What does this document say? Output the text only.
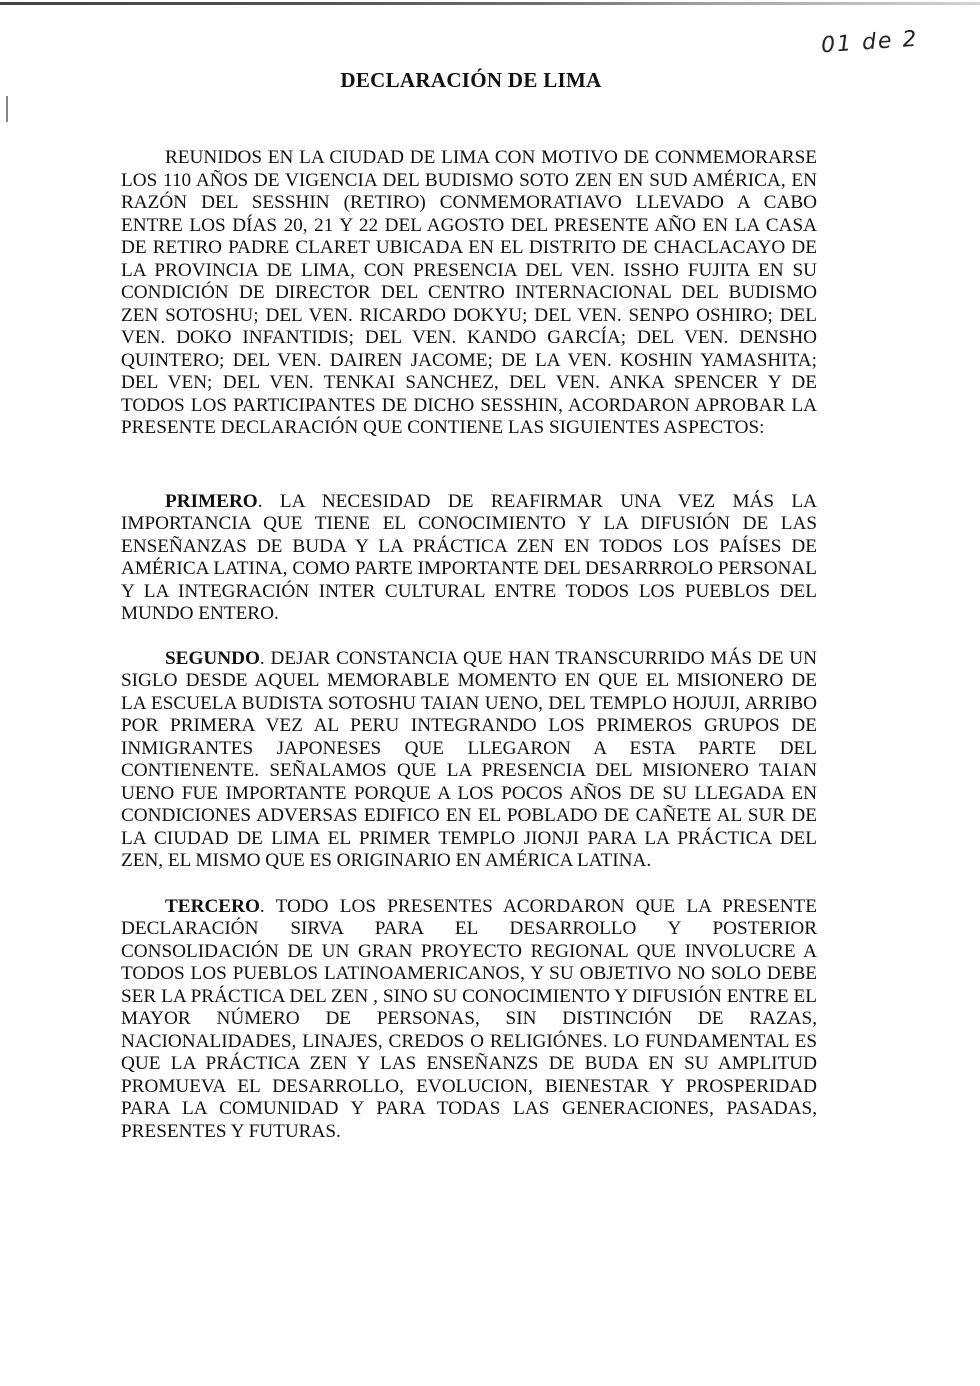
01 de 2
DECLARACIÓN DE LIMA

REUNIDOS EN LA CIUDAD DE LIMA CON MOTIVO DE CONMEMORARSE LOS 110 AÑOS DE VIGENCIA DEL BUDISMO SOTO ZEN EN SUD AMÉRICA, EN RAZÓN DEL SESSHIN (RETIRO) CONMEMORATIAVO LLEVADO A CABO ENTRE LOS DÍAS 20, 21 Y 22 DEL AGOSTO DEL PRESENTE AÑO EN LA CASA DE RETIRO PADRE CLARET UBICADA EN EL DISTRITO DE CHACLACAYO DE LA PROVINCIA DE LIMA, CON PRESENCIA DEL VEN. ISSHO FUJITA EN SU CONDICIÓN DE DIRECTOR DEL CENTRO INTERNACIONAL DEL BUDISMO ZEN SOTOSHU; DEL VEN. RICARDO DOKYU; DEL VEN. SENPO OSHIRO; DEL VEN. DOKO INFANTIDIS; DEL VEN. KANDO GARCÍA; DEL VEN. DENSHO QUINTERO; DEL VEN. DAIREN JACOME; DE LA VEN. KOSHIN YAMASHITA; DEL VEN; DEL VEN. TENKAI SANCHEZ, DEL VEN. ANKA SPENCER Y DE TODOS LOS PARTICIPANTES DE DICHO SESSHIN, ACORDARON APROBAR LA PRESENTE DECLARACIÓN QUE CONTIENE LAS SIGUIENTES ASPECTOS:

PRIMERO. LA NECESIDAD DE REAFIRMAR UNA VEZ MÁS LA IMPORTANCIA QUE TIENE EL CONOCIMIENTO Y LA DIFUSIÓN DE LAS ENSEÑANZAS DE BUDA Y LA PRÁCTICA ZEN EN TODOS LOS PAÍSES DE AMÉRICA LATINA, COMO PARTE IMPORTANTE DEL DESARRROLO PERSONAL Y LA INTEGRACIÓN INTER CULTURAL ENTRE TODOS LOS PUEBLOS DEL MUNDO ENTERO.

SEGUNDO. DEJAR CONSTANCIA QUE HAN TRANSCURRIDO MÁS DE UN SIGLO DESDE AQUEL MEMORABLE MOMENTO EN QUE EL MISIONERO DE LA ESCUELA BUDISTA SOTOSHU TAIAN UENO, DEL TEMPLO HOJUJI, ARRIBO POR PRIMERA VEZ AL PERU INTEGRANDO LOS PRIMEROS GRUPOS DE INMIGRANTES JAPONESES QUE LLEGARON A ESTA PARTE DEL CONTIENENTE. SEÑALAMOS QUE LA PRESENCIA DEL MISIONERO TAIAN UENO FUE IMPORTANTE PORQUE A LOS POCOS AÑOS DE SU LLEGADA EN CONDICIONES ADVERSAS EDIFICO EN EL POBLADO DE CAÑETE AL SUR DE LA CIUDAD DE LIMA EL PRIMER TEMPLO JIONJI PARA LA PRÁCTICA DEL ZEN, EL MISMO QUE ES ORIGINARIO EN AMÉRICA LATINA.

TERCERO. TODO LOS PRESENTES ACORDARON QUE LA PRESENTE DECLARACIÓN SIRVA PARA EL DESARROLLO Y POSTERIOR CONSOLIDACIÓN DE UN GRAN PROYECTO REGIONAL QUE INVOLUCRE A TODOS LOS PUEBLOS LATINOAMERICANOS, Y SU OBJETIVO NO SOLO DEBE SER LA PRÁCTICA DEL ZEN , SINO SU CONOCIMIENTO Y DIFUSIÓN ENTRE EL MAYOR NÚMERO DE PERSONAS, SIN DISTINCIÓN DE RAZAS, NACIONALIDADES, LINAJES, CREDOS O RELIGIÓNES. LO FUNDAMENTAL ES QUE LA PRÁCTICA ZEN Y LAS ENSEÑANZS DE BUDA EN SU AMPLITUD PROMUEVA EL DESARROLLO, EVOLUCION, BIENESTAR Y PROSPERIDAD PARA LA COMUNIDAD Y PARA TODAS LAS GENERACIONES, PASADAS, PRESENTES Y FUTURAS.
